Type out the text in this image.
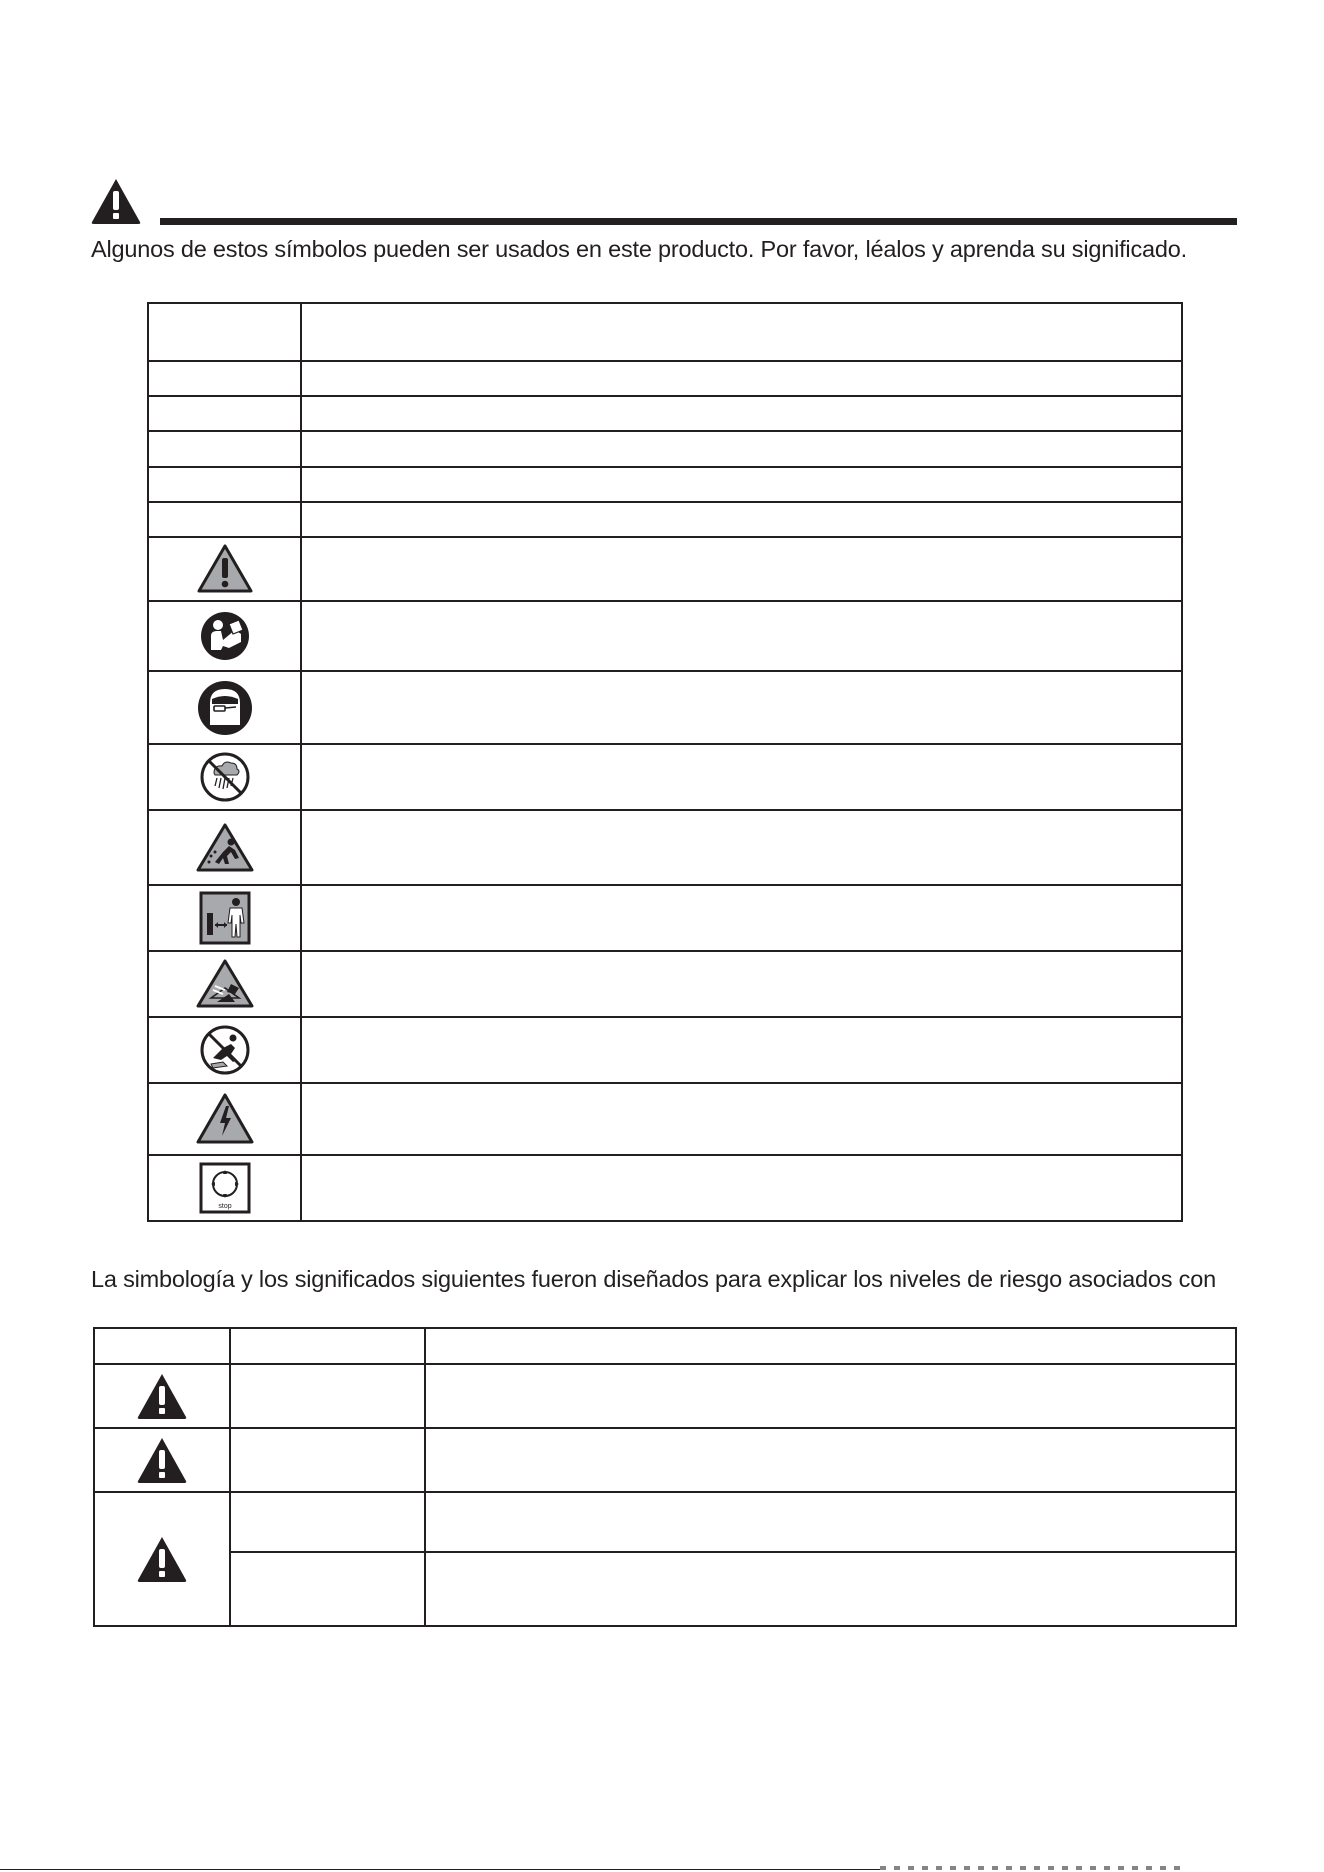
Algunos de estos símbolos pueden ser usados en este producto. Por favor, léalos y aprenda su significado.

stop	

La simbología y los significados siguientes fueron diseñados para explicar los niveles de riesgo asociados con
